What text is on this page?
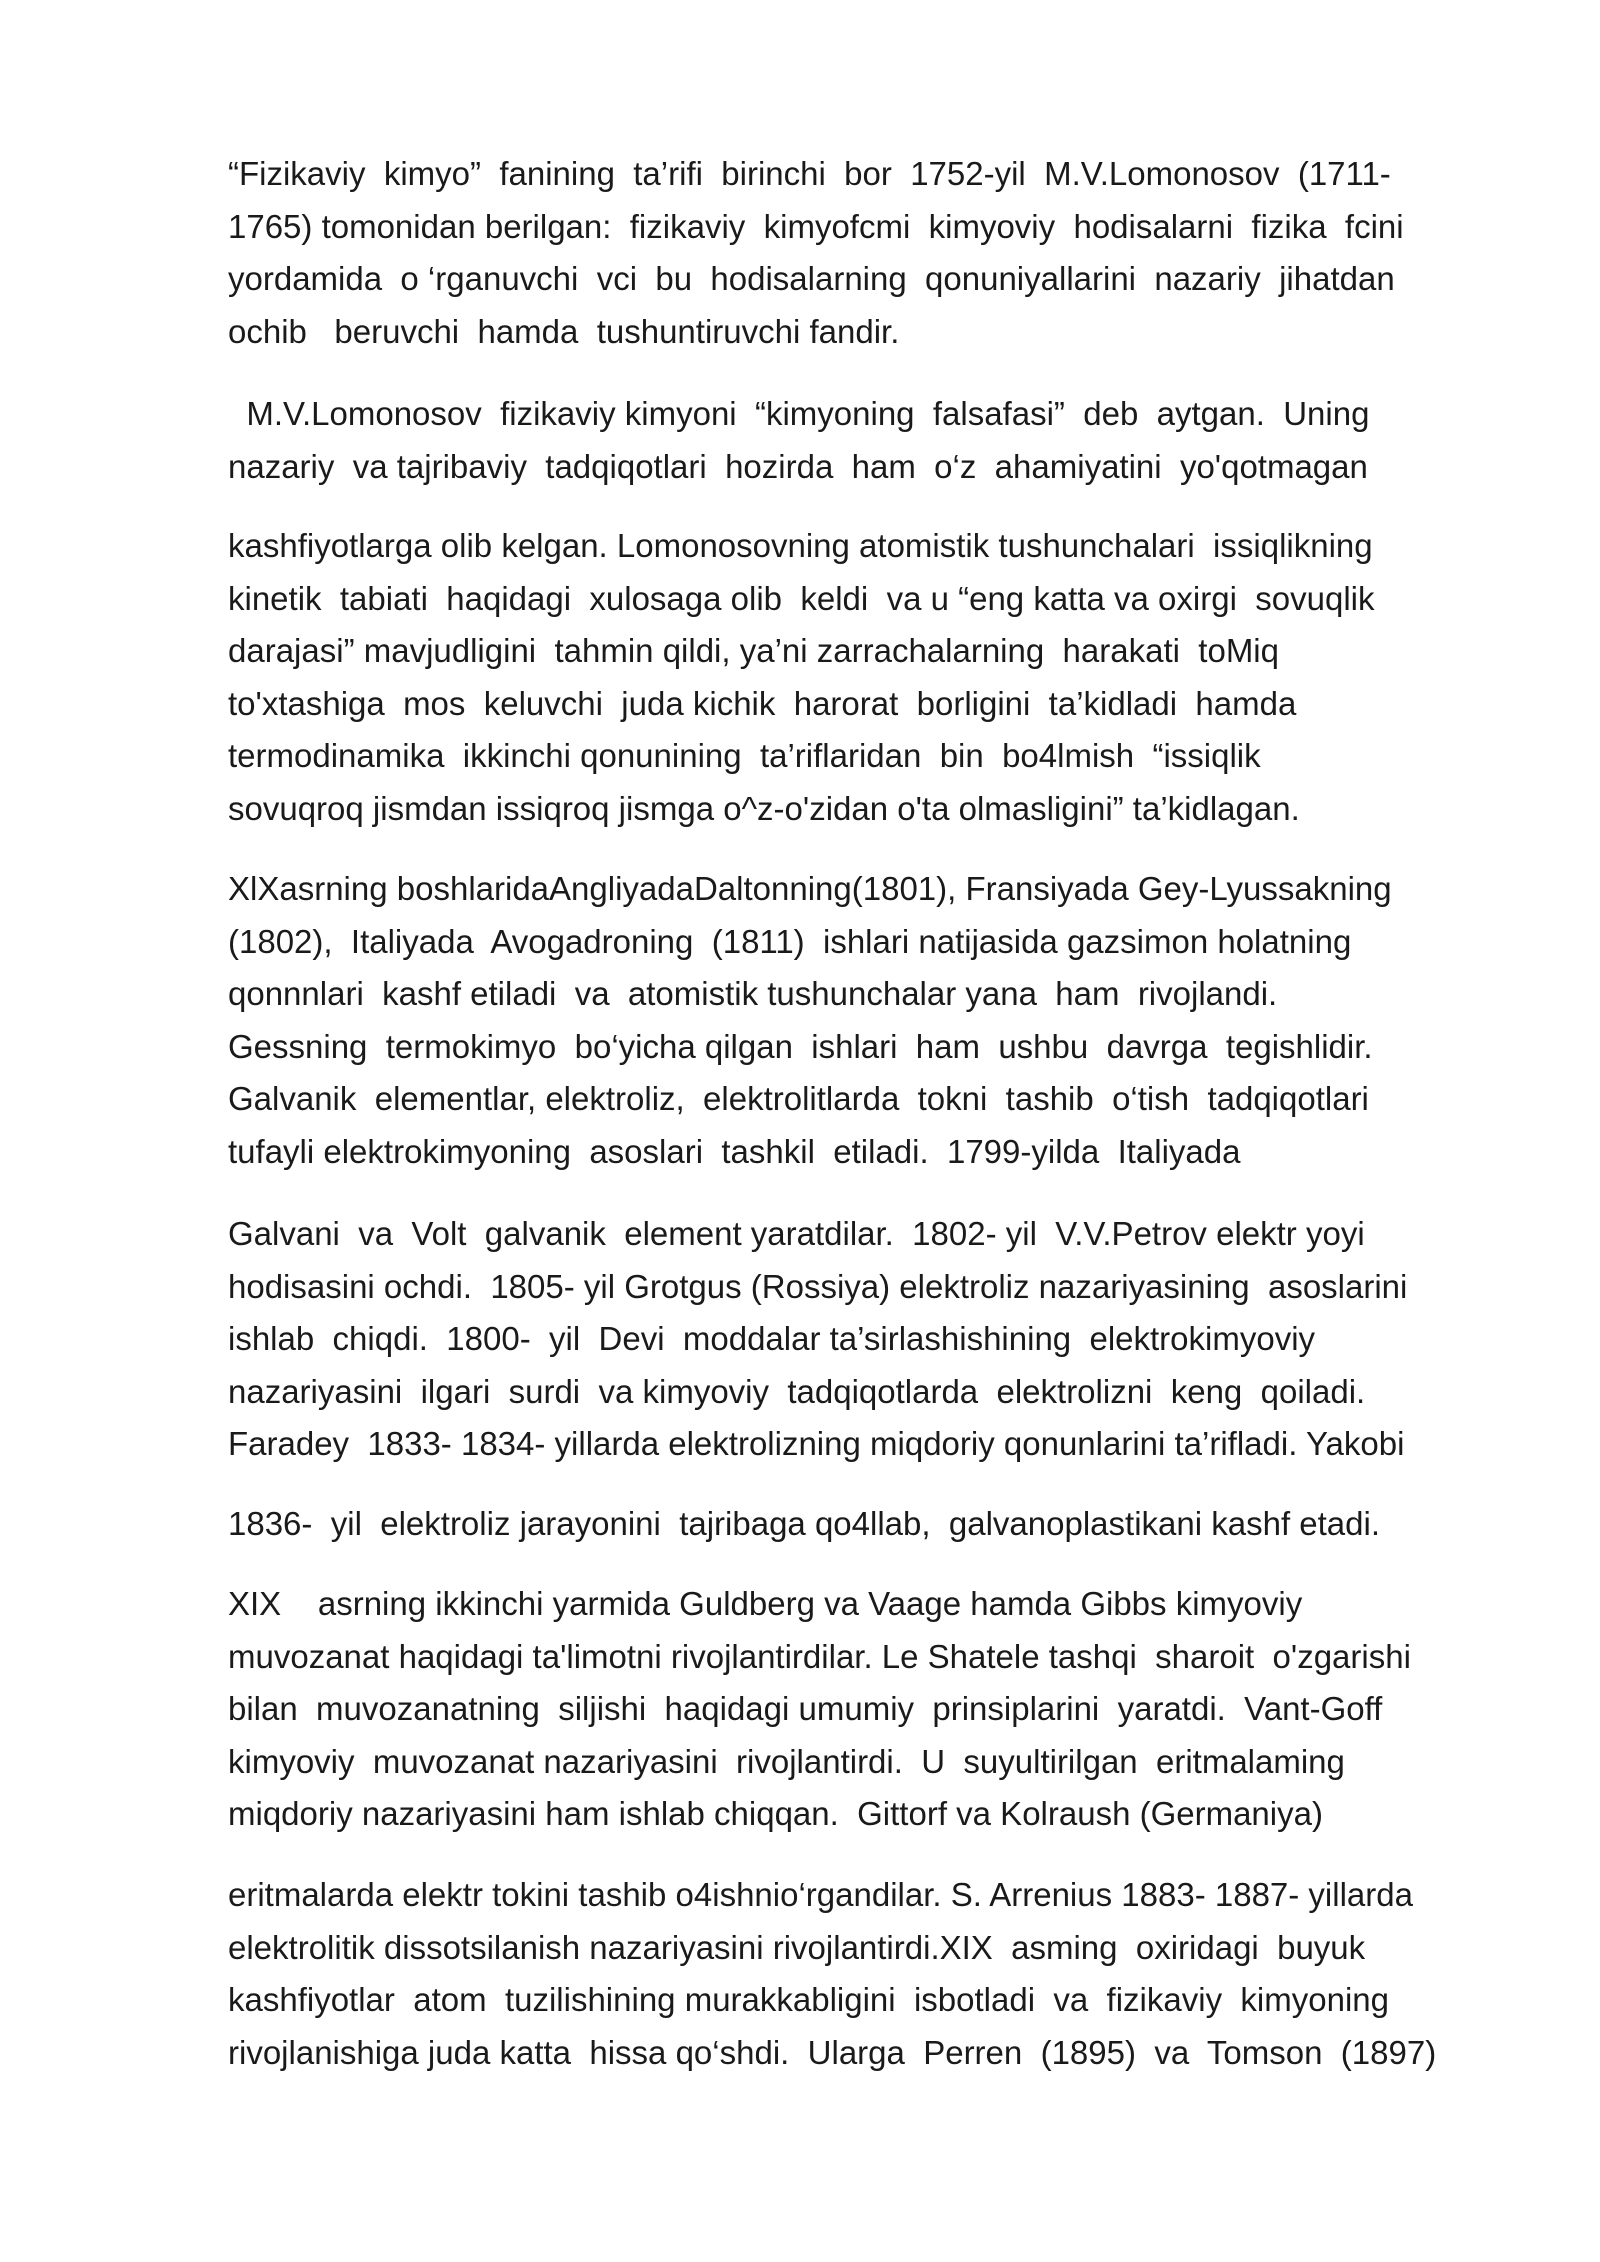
“Fizikaviy  kimyo”  fanining  ta’rifi  birinchi  bor  1752-yil  M.V.Lomonosov  (1711-
1765) tomonidan berilgan:  fizikaviy  kimyofcmi  kimyoviy  hodisalarni  fizika  fcini
yordamida  o ‘rganuvchi  vci  bu  hodisalarning  qonuniyallarini  nazariy  jihatdan
ochib   beruvchi  hamda  tushuntiruvchi fandir.
M.V.Lomonosov  fizikaviy kimyoni  “kimyoning  falsafasi”  deb  aytgan.  Uning
nazariy  va tajribaviy  tadqiqotlari  hozirda  ham  o‘z  ahamiyatini  yo'qotmagan
kashfiyotlarga olib kelgan. Lomonosovning atomistik tushunchalari  issiqlikning
kinetik  tabiati  haqidagi  xulosaga olib  keldi  va u “eng katta va oxirgi  sovuqlik
darajasi” mavjudligini  tahmin qildi, ya’ni zarrachalarning  harakati  toMiq
to'xtashiga  mos  keluvchi  juda kichik  harorat  borligini  ta’kidladi  hamda
termodinamika  ikkinchi qonunining  ta’riflaridan  bin  bo4lmish  “issiqlik
sovuqroq jismdan issiqroq jismga o^z-o'zidan o'ta olmasligini” ta’kidlagan.
XlXasrning boshlaridaAngliyadaDaltonning(1801), Fransiyada Gey-Lyussakning
(1802),  Italiyada  Avogadroning  (1811)  ishlari natijasida gazsimon holatning
qonnnlari  kashf etiladi  va  atomistik tushunchalar yana  ham  rivojlandi.
Gessning  termokimyo  bo‘yicha qilgan  ishlari  ham  ushbu  davrga  tegishlidir.
Galvanik  elementlar, elektroliz,  elektrolitlarda  tokni  tashib  o‘tish  tadqiqotlari
tufayli elektrokimyoning  asoslari  tashkil  etiladi.  1799-yilda  Italiyada
Galvani  va  Volt  galvanik  element yaratdilar.  1802- yil  V.V.Petrov elektr yoyi
hodisasini ochdi.  1805- yil Grotgus (Rossiya) elektroliz nazariyasining  asoslarini
ishlab  chiqdi.  1800-  yil  Devi  moddalar ta’sirlashishining  elektrokimyoviy
nazariyasini  ilgari  surdi  va kimyoviy  tadqiqotlarda  elektrolizni  keng  qoiladi.
Faradey  1833- 1834- yillarda elektrolizning miqdoriy qonunlarini ta’rifladi. Yakobi
1836-  yil  elektroliz jarayonini  tajribaga qo4llab,  galvanoplastikani kashf etadi.
XIX    asrning ikkinchi yarmida Guldberg va Vaage hamda Gibbs kimyoviy
muvozanat haqidagi ta'limotni rivojlantirdilar. Le Shatele tashqi  sharoit  o'zgarishi
bilan  muvozanatning  siljishi  haqidagi umumiy  prinsiplarini  yaratdi.  Vant-Goff
kimyoviy  muvozanat nazariyasini  rivojlantirdi.  U  suyultirilgan  eritmalaming
miqdoriy nazariyasini ham ishlab chiqqan.  Gittorf va Kolraush (Germaniya)
eritmalarda elektr tokini tashib o4ishnio‘rgandilar. S. Arrenius 1883- 1887- yillarda
elektrolitik dissotsilanish nazariyasini rivojlantirdi.XIX  asming  oxiridagi  buyuk
kashfiyotlar  atom  tuzilishining murakkabligini  isbotladi  va  fizikaviy  kimyoning
rivojlanishiga juda katta  hissa qo‘shdi.  Ularga  Perren  (1895)  va  Tomson  (1897)
